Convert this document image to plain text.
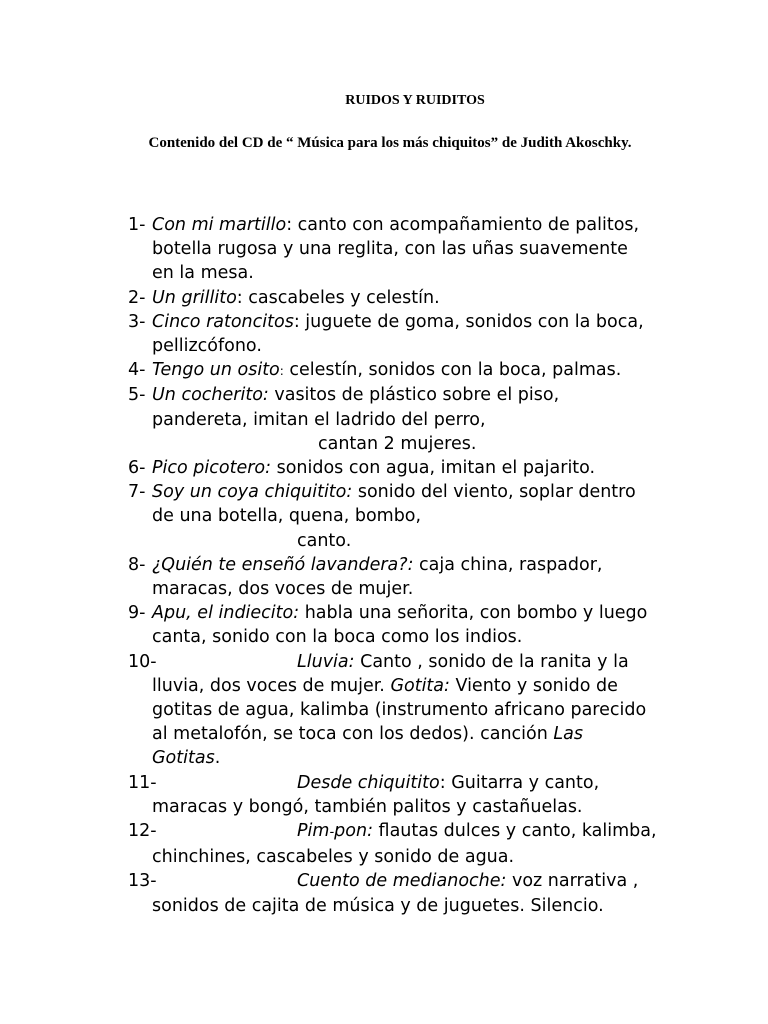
RUIDOS Y RUIDITOS
Contenido del CD de “ Música para los más chiquitos” de Judith Akoschky.
1- Con mi martillo: canto con acompañamiento de palitos,
botella rugosa y una reglita, con las uñas suavemente
en la mesa.
2- Un grillito: cascabeles y celestín.
3- Cinco ratoncitos: juguete de goma, sonidos con la boca,
pellizcófono.
4- Tengo un osito: celestín, sonidos con la boca, palmas.
5- Un cocherito: vasitos de plástico sobre el piso,
pandereta, imitan el ladrido del perro,
cantan 2 mujeres.
6- Pico picotero: sonidos con agua, imitan el pajarito.
7- Soy un coya chiquitito: sonido del viento, soplar dentro
de una botella, quena, bombo,
canto.
8- ¿Quién te enseñó lavandera?: caja china, raspador,
maracas, dos voces de mujer.
9- Apu, el indiecito: habla una señorita, con bombo y luego
canta, sonido con la boca como los indios.
10-	Lluvia: Canto , sonido de la ranita y la
lluvia, dos voces de mujer. Gotita: Viento y sonido de
gotitas de agua, kalimba (instrumento africano parecido
al metalofón, se toca con los dedos). canción Las
Gotitas.
11-	Desde chiquitito: Guitarra y canto,
maracas y bongó, también palitos y castañuelas.
12-	Pim-pon: flautas dulces y canto, kalimba,
chinchines, cascabeles y sonido de agua.
13-	Cuento de medianoche: voz narrativa ,
sonidos de cajita de música y de juguetes. Silencio.
